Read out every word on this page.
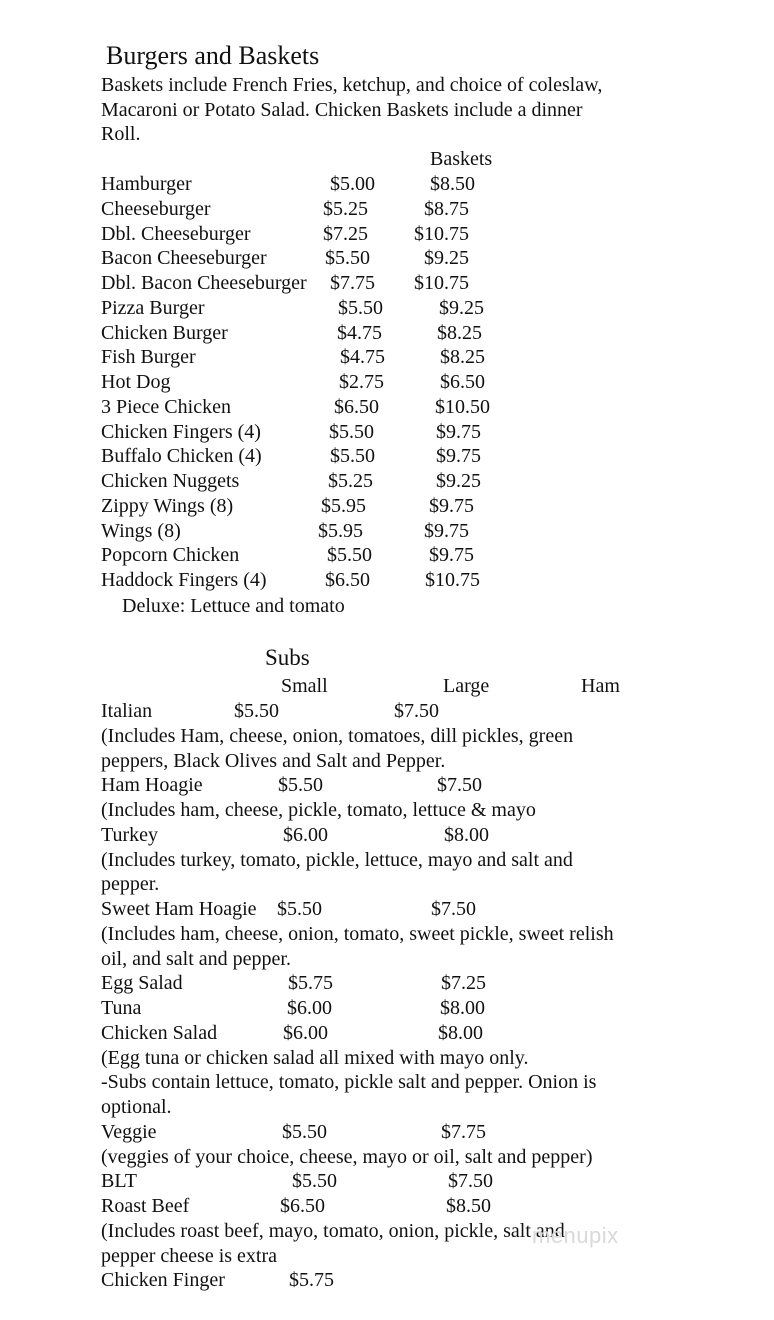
Burgers and Baskets
Baskets include French Fries, ketchup, and choice of coleslaw,
Macaroni or Potato Salad. Chicken Baskets include a dinner
Roll.
Baskets
Hamburger	$5.00	$8.50
Cheeseburger	$5.25	$8.75
Dbl. Cheeseburger	$7.25 $10.75
Bacon Cheeseburger	$5.50	$9.25
Dbl. Bacon Cheeseburger $7.75 $10.75
Pizza Burger	$5.50	$9.25
Chicken Burger	$4.75	$8.25
Fish Burger	$4.75	$8.25
Hot Dog	$2.75	$6.50
3 Piece Chicken	$6.50	$10.50
Chicken Fingers (4)	$5.50	$9.75
Buffalo Chicken (4)	$5.50	$9.75
Chicken Nuggets	$5.25	$9.25
Zippy Wings (8)	$5.95	$9.75
Wings (8)	$5.95	$9.75
Popcorn Chicken	$5.50	$9.75
Haddock Fingers (4)	$6.50	$10.75
Deluxe: Lettuce and tomato
Subs
Small	Large	Ham
Italian	$5.50	$7.50
(Includes Ham, cheese, onion, tomatoes, dill pickles, green
peppers, Black Olives and Salt and Pepper.
Ham Hoagie	$5.50	$7.50
(Includes ham, cheese, pickle, tomato, lettuce & mayo
Turkey	$6.00	$8.00
(Includes turkey, tomato, pickle, lettuce, mayo and salt and
pepper.
Sweet Ham Hoagie $5.50	$7.50
(Includes ham, cheese, onion, tomato, sweet pickle, sweet relish
oil, and salt and pepper.
Egg Salad	$5.75	$7.25
Tuna	$6.00	$8.00
Chicken Salad	$6.00	$8.00
(Egg tuna or chicken salad all mixed with mayo only.
-Subs contain lettuce, tomato, pickle salt and pepper. Onion is
optional.
Veggie	$5.50	$7.75
(veggies of your choice, cheese, mayo or oil, salt and pepper)
BLT	$5.50	$7.50
Roast Beef	$6.50	$8.50
(Includes roast beef, mayo, tomato, onion, pickle, salt and
pepper cheese is extra
Chicken Finger	$5.75
menupix
